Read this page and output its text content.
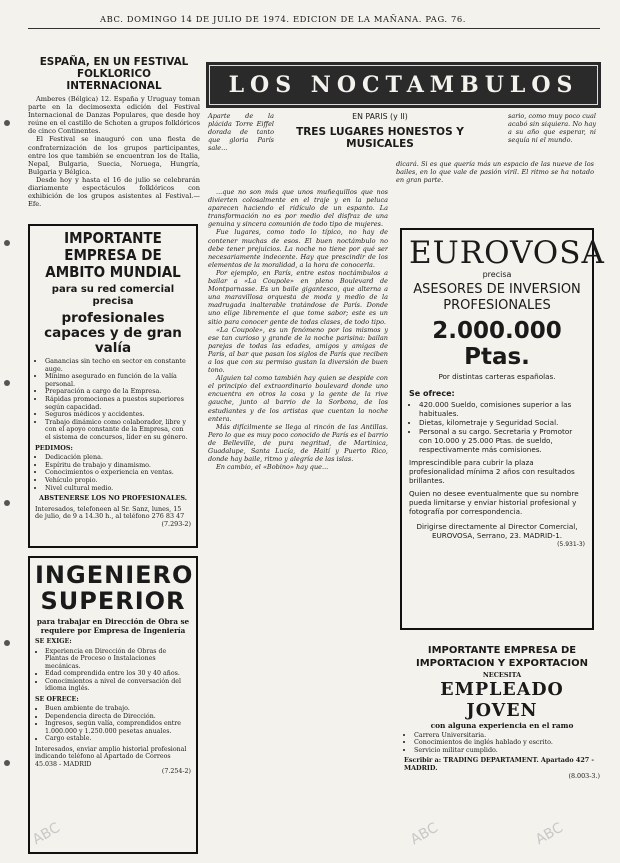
ABC. DOMINGO 14 DE JULIO DE 1974. EDICION DE LA MAÑANA. PAG. 76.
ESPAÑA, EN UN FESTIVAL FOLKLORICO INTERNACIONAL

Amberes (Bélgica) 12. España y Uruguay toman parte en la decimosexta edición del Festival Internacional de Danzas Populares, que desde hoy reúne en el castillo de Schoten a grupos folklóricos de cinco Continentes.

El Festival se inauguró con una fiesta de confraternización de los grupos participantes, entre los que también se encuentran los de Italia, Nepal, Bulgaria, Suecia, Noruega, Hungría, Bulgaria y Bélgica.

Desde hoy y hasta el 16 de julio se celebrarán diariamente espectáculos folklóricos con exhibición de los grupos asistentes al Festival.—Efe.

IMPORTANTE EMPRESA DE AMBITO MUNDIAL
para su red comercial precisa
profesionales capaces y de gran valía
• Ganancias sin techo en sector en constante auge.
• Mínimo asegurado en función de la valía personal.
• Preparación a cargo de la Empresa.
• Rápidas promociones a puestos superiores según capacidad.
• Seguros médicos y accidentes.
• Trabajo dinámico como colaborador, libre y con el apoyo constante de la Empresa, con el sistema de concursos, líder en su género.
PEDIMOS:
• Dedicación plena.
• Espíritu de trabajo y dinamismo.
• Conocimientos o experiencia en ventas.
• Vehículo propio.
• Nivel cultural medio.
ABSTENERSE LOS NO PROFESIONALES.
Interesados, telefoneen al Sr. Sanz, lunes, 15 de julio, de 9 a 14.30 h., al teléfono 276 83 47
(7.293-2)
INGENIERO SUPERIOR
para trabajar en Dirección de Obra se requiere por Empresa de Ingeniería
SE EXIGE:
• Experiencia en Dirección de Obras de Plantas de Proceso o Instalaciones mecánicas.
• Edad comprendida entre los 30 y 40 años.
• Conocimientos a nivel de conversación del idioma inglés.
SE OFRECE:
• Buen ambiente de trabajo.
• Dependencia directa de Dirección.
• Ingresos, según valía, comprendidos entre 1.000.000 y 1.250.000 pesetas anuales.
• Cargo estable.
Interesados, enviar amplio historial profesional indicando teléfono al Apartado de Correos 45.038 - MADRID
(7.254-2)
LOS NOCTAMBULOS
EN PARIS (y II)
TRES LUGARES HONESTOS Y MUSICALES
Aparte de la plácida Torre Eiffel dorada de tanto que gloria París sale...
sario, como muy poco cual acabó sin siquiera. No hay a su año que esperar, ni sequía ni el mundo.
dicará. Si es que quería más un espacio de las nueve de los bailes, en lo que vale de pasión viril. El ritmo se ha notado en gran parte.

...que no son más que unos muñequillos que nos divierten colosalmente en el traje y en la peluca aparecen haciendo el ridículo de un espanto. La transformación no es por medio del disfraz de una genuina y sincera comunión de todo tipo de mujeres.

Fue lugares, como todo lo típico, no hay de contener muchas de esos. El buen noctámbulo no debe tener prejuicios. La noche no tiene por qué ser necesariamente indecente. Hay que prescindir de los elementos de la moralidad, a la hora de conocerla.

Por ejemplo, en París, entre estos noctámbulos a bailar a «La Coupole» en pleno Boulevard de Montparnasse. Es un baile gigantesco, que alterna a una maravillosa orquesta de moda y medio de la madrugada inalterable tratándose de París. Donde uno elige libremente el que tome sabor; este es un sitio para conocer gente de todas clases, de todo tipo.

«La Coupole», es un fenómeno por los mismos y ese tan curioso y grande de la noche parisina: bailan parejas de todas las edades, amigos y amigas de París, al bar que pasan los siglos de París que reciben a los que con su permiso gustan la diversión de buen tono.

Alguien tal como también hay quien se despide con el principio del extraordinario boulevard donde uno encuentra en otros la cosa y la gente de la rive gauche, junto al barrio de la Sorbona, de los estudiantes y de los artistas que cuentan la noche entera.

Más difícilmente se llega al rincón de las Antillas. Pero lo que es muy poco conocido de París es el barrio de Belleville, de pura negritud, de Martinica, Guadalupe, Santa Lucía, de Haití y Puerto Rico, donde hay baile, ritmo y alegría de las islas.

En cambio, el «Bobino» hay que...

EUROVOSA
precisa
ASESORES DE INVERSION PROFESIONALES
2.000.000 Ptas.
Por distintas carteras españolas.
Se ofrece:
• 420.000 Sueldo, comisiones superior a las habituales.
• Dietas, kilometraje y Seguridad Social.
• Personal a su cargo. Secretaria y Promotor con 10.000 y 25.000 Ptas. de sueldo, respectivamente más comisiones.
Imprescindible para cubrir la plaza profesionalidad mínima 2 años con resultados brillantes.
Quien no desee eventualmente que su nombre pueda limitarse y enviar historial profesional y fotografía por correspondencia.
Dirigirse directamente al Director Comercial, EUROVOSA, Serrano, 23. MADRID-1.
(5.931-3)
IMPORTANTE EMPRESA DE IMPORTACION Y EXPORTACION
NECESITA
EMPLEADO JOVEN
con alguna experiencia en el ramo
• Carrera Universitaria.
• Conocimientos de inglés hablado y escrito.
• Servicio militar cumplido.
Escribir a: TRADING DEPARTAMENT. Apartado 427 - MADRID.
(8.003-3.)
ABC	ABC	ABC
